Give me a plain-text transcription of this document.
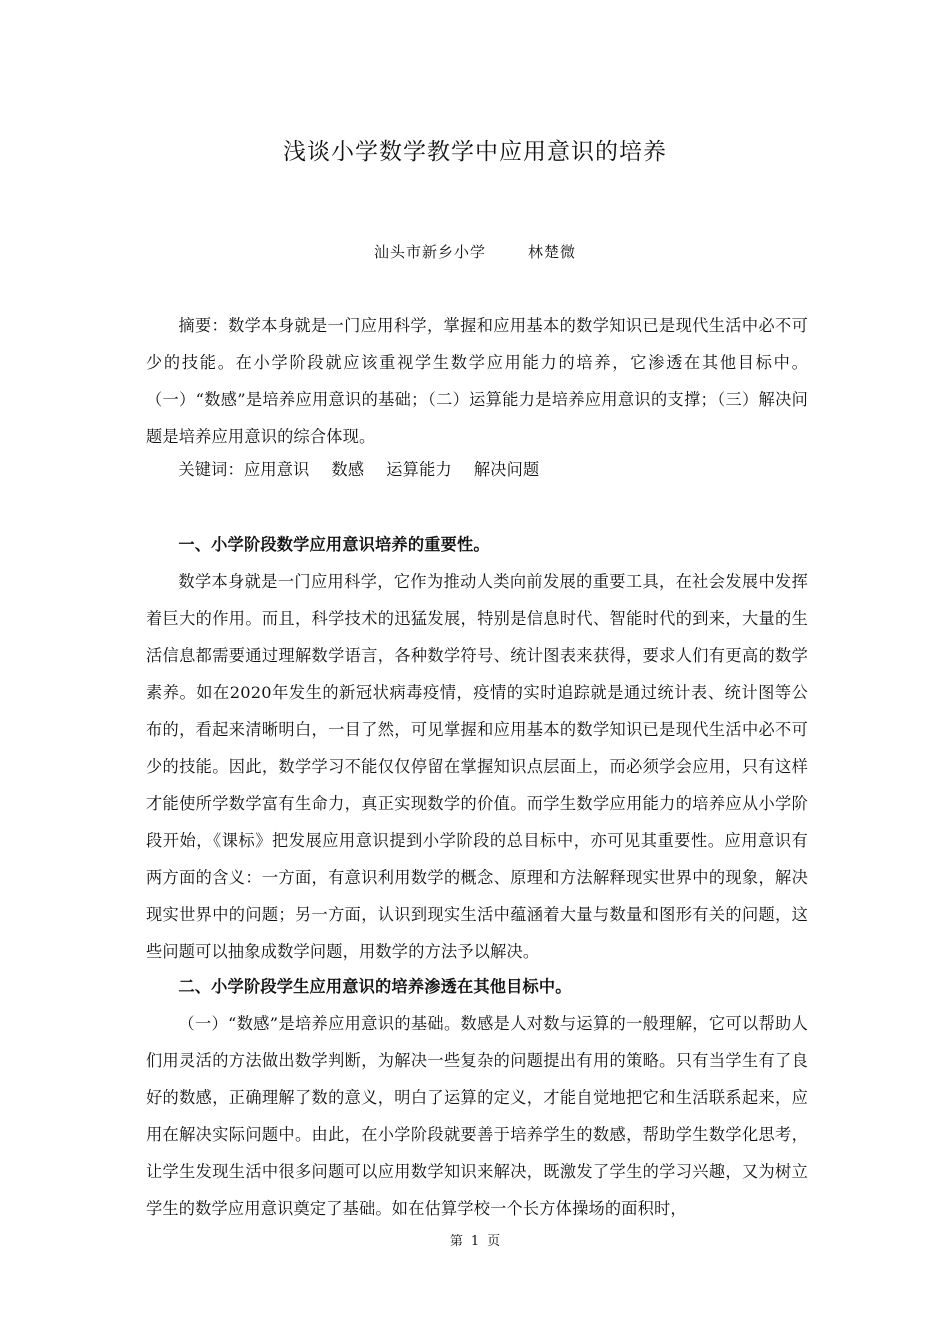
浅谈小学数学教学中应用意识的培养
汕头市新乡小学	林楚微

摘要：数学本身就是一门应用科学，掌握和应用基本的数学知识已是现代生活中必不可少的技能。在小学阶段就应该重视学生数学应用能力的培养，它渗透在其他目标中。（一）“数感”是培养应用意识的基础；（二）运算能力是培养应用意识的支撑；（三）解决问题是培养应用意识的综合体现。

关键词：应用意识 数感 运算能力 解决问题

一、小学阶段数学应用意识培养的重要性。

数学本身就是一门应用科学，它作为推动人类向前发展的重要工具，在社会发展中发挥着巨大的作用。而且，科学技术的迅猛发展，特别是信息时代、智能时代的到来，大量的生活信息都需要通过理解数学语言，各种数学符号、统计图表来获得，要求人们有更高的数学素养。如在2020年发生的新冠状病毒疫情，疫情的实时追踪就是通过统计表、统计图等公布的，看起来清晰明白，一目了然，可见掌握和应用基本的数学知识已是现代生活中必不可少的技能。因此，数学学习不能仅仅停留在掌握知识点层面上，而必须学会应用，只有这样才能使所学数学富有生命力，真正实现数学的价值。而学生数学应用能力的培养应从小学阶段开始，《课标》把发展应用意识提到小学阶段的总目标中，亦可见其重要性。应用意识有两方面的含义：一方面，有意识利用数学的概念、原理和方法解释现实世界中的现象，解决现实世界中的问题；另一方面，认识到现实生活中蕴涵着大量与数量和图形有关的问题，这些问题可以抽象成数学问题，用数学的方法予以解决。

二、小学阶段学生应用意识的培养渗透在其他目标中。

（一）“数感”是培养应用意识的基础。数感是人对数与运算的一般理解，它可以帮助人们用灵活的方法做出数学判断，为解决一些复杂的问题提出有用的策略。只有当学生有了良好的数感，正确理解了数的意义，明白了运算的定义，才能自觉地把它和生活联系起来，应用在解决实际问题中。由此，在小学阶段就要善于培养学生的数感，帮助学生数学化思考，让学生发现生活中很多问题可以应用数学知识来解决，既激发了学生的学习兴趣，又为树立学生的数学应用意识奠定了基础。如在估算学校一个长方体操场的面积时，

第 1 页
